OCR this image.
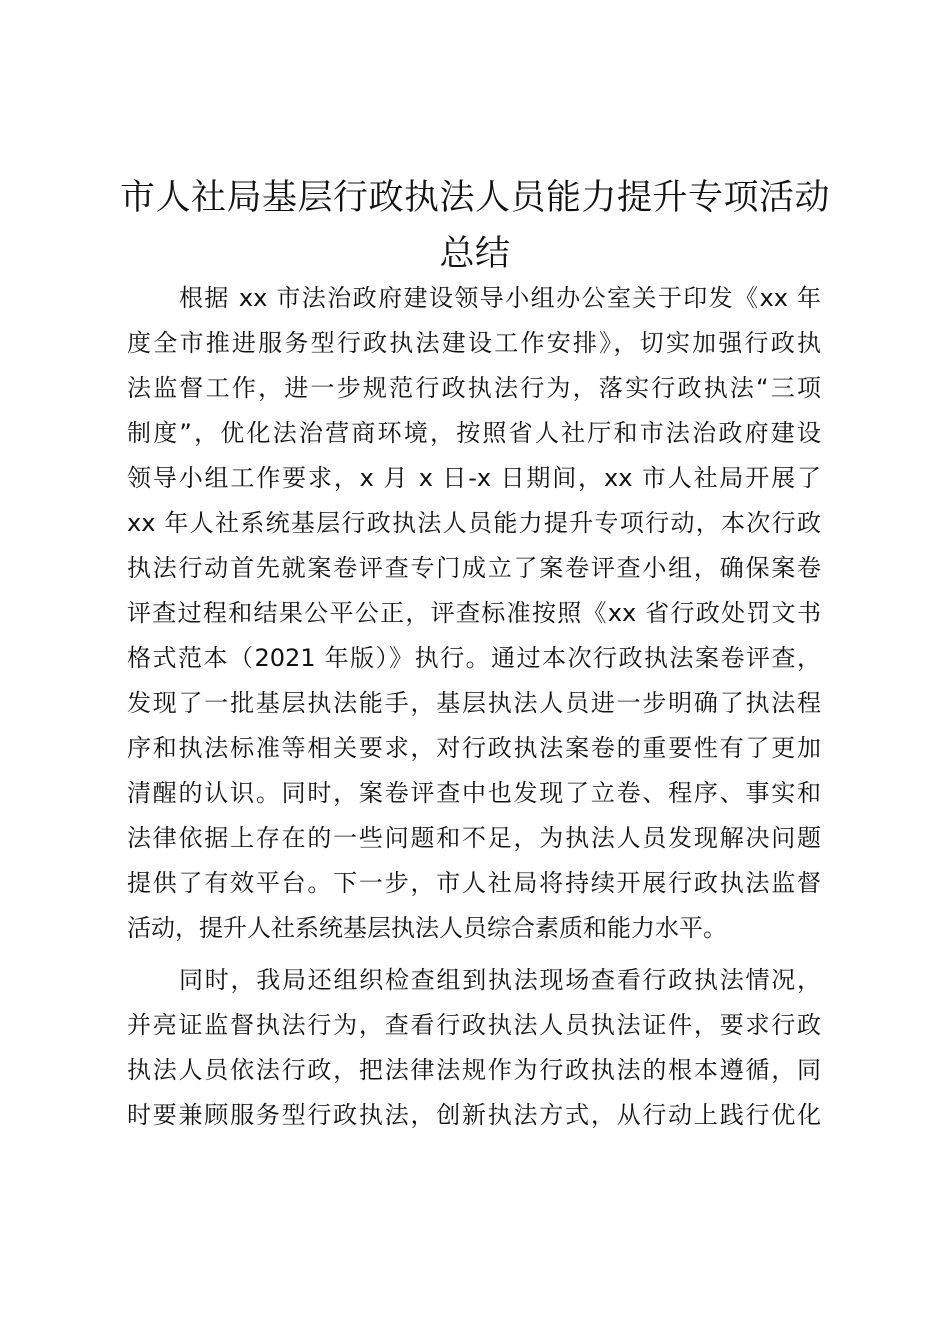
市人社局基层行政执法人员能力提升专项活动
总结
根据 xx 市法治政府建设领导小组办公室关于印发《xx 年
度全市推进服务型行政执法建设工作安排》，切实加强行政执
法监督工作，进一步规范行政执法行为，落实行政执法“三项
制度”，优化法治营商环境，按照省人社厅和市法治政府建设
领导小组工作要求，x 月 x 日-x 日期间，xx 市人社局开展了
xx 年人社系统基层行政执法人员能力提升专项行动，本次行政
执法行动首先就案卷评查专门成立了案卷评查小组，确保案卷
评查过程和结果公平公正，评查标准按照《xx 省行政处罚文书
格式范本（2021 年版）》执行。通过本次行政执法案卷评查，
发现了一批基层执法能手，基层执法人员进一步明确了执法程
序和执法标准等相关要求，对行政执法案卷的重要性有了更加
清醒的认识。同时，案卷评查中也发现了立卷、程序、事实和
法律依据上存在的一些问题和不足，为执法人员发现解决问题
提供了有效平台。下一步，市人社局将持续开展行政执法监督
活动，提升人社系统基层执法人员综合素质和能力水平。
同时，我局还组织检查组到执法现场查看行政执法情况，
并亮证监督执法行为，查看行政执法人员执法证件，要求行政
执法人员依法行政，把法律法规作为行政执法的根本遵循，同
时要兼顾服务型行政执法，创新执法方式，从行动上践行优化
